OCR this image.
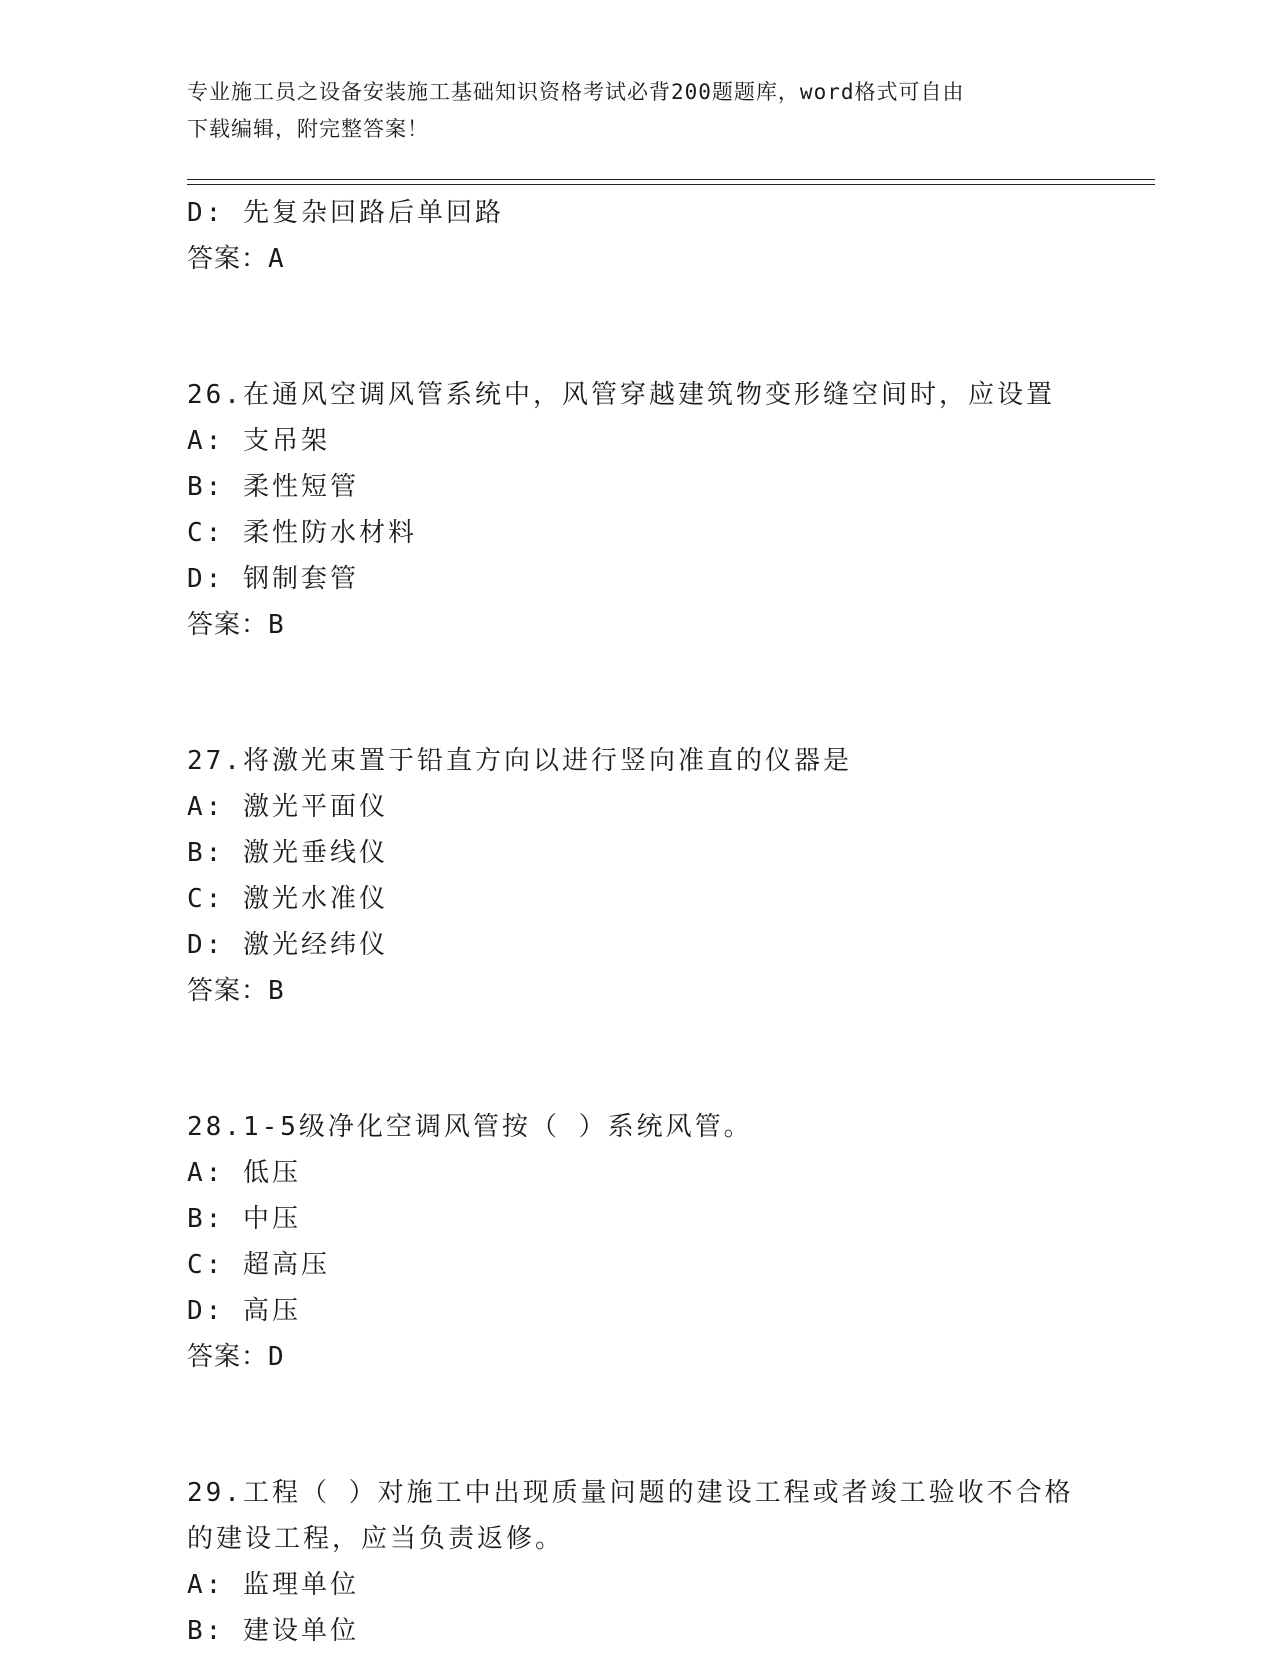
专业施工员之设备安装施工基础知识资格考试必背200题题库，word格式可自由
下载编辑，附完整答案！
D: 先复杂回路后单回路
答案：A
26.在通风空调风管系统中，风管穿越建筑物变形缝空间时，应设置
A: 支吊架
B: 柔性短管
C: 柔性防水材料
D: 钢制套管
答案：B
27.将激光束置于铅直方向以进行竖向准直的仪器是
A: 激光平面仪
B: 激光垂线仪
C: 激光水准仪
D: 激光经纬仪
答案：B
28.1-5级净化空调风管按（ ）系统风管。
A: 低压
B: 中压
C: 超高压
D: 高压
答案：D
29.工程（ ）对施工中出现质量问题的建设工程或者竣工验收不合格
的建设工程，应当负责返修。
A: 监理单位
B: 建设单位
